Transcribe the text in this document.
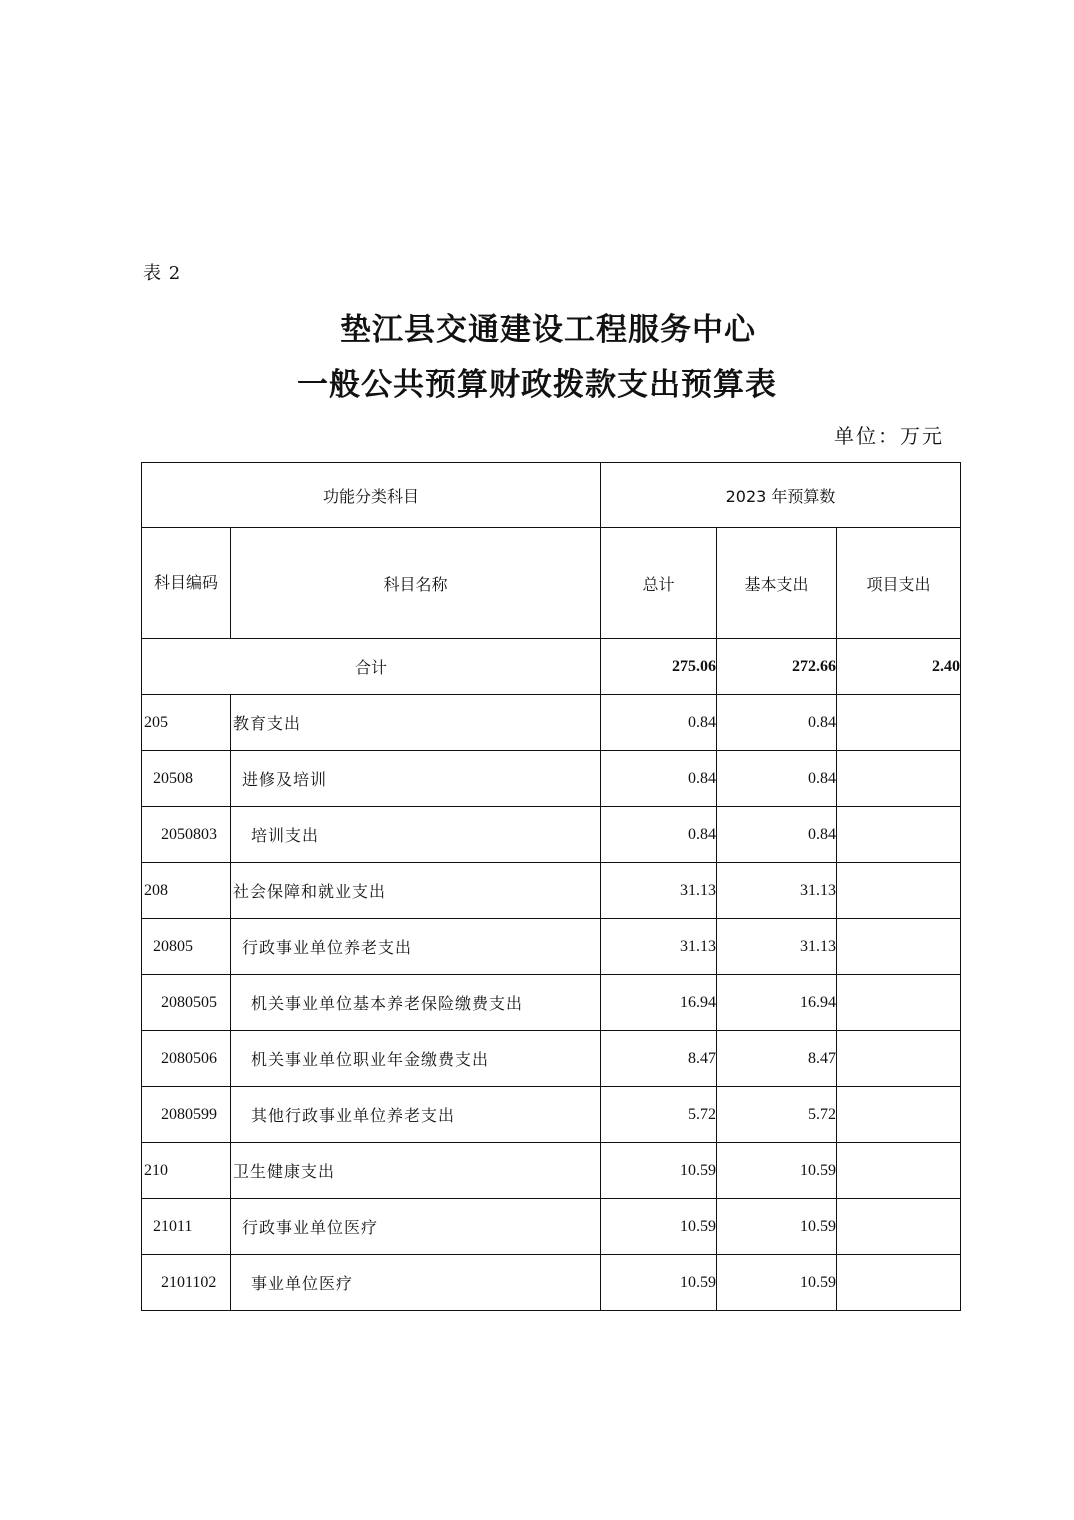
表 2
垫江县交通建设工程服务中心
一般公共预算财政拨款支出预算表
单位：万元
功能分类科目		2023 年预算数		
科目编码	科目名称	总计	基本支出	项目支出
合计		275.06	272.66	2.40
205	教育支出	0.84	0.84	
20508	进修及培训	0.84	0.84	
2050803	培训支出	0.84	0.84	
208	社会保障和就业支出	31.13	31.13	
20805	行政事业单位养老支出	31.13	31.13	
2080505	机关事业单位基本养老保险缴费支出	16.94	16.94	
2080506	机关事业单位职业年金缴费支出	8.47	8.47	
2080599	其他行政事业单位养老支出	5.72	5.72	
210	卫生健康支出	10.59	10.59	
21011	行政事业单位医疗	10.59	10.59	
2101102	事业单位医疗	10.59	10.59	
